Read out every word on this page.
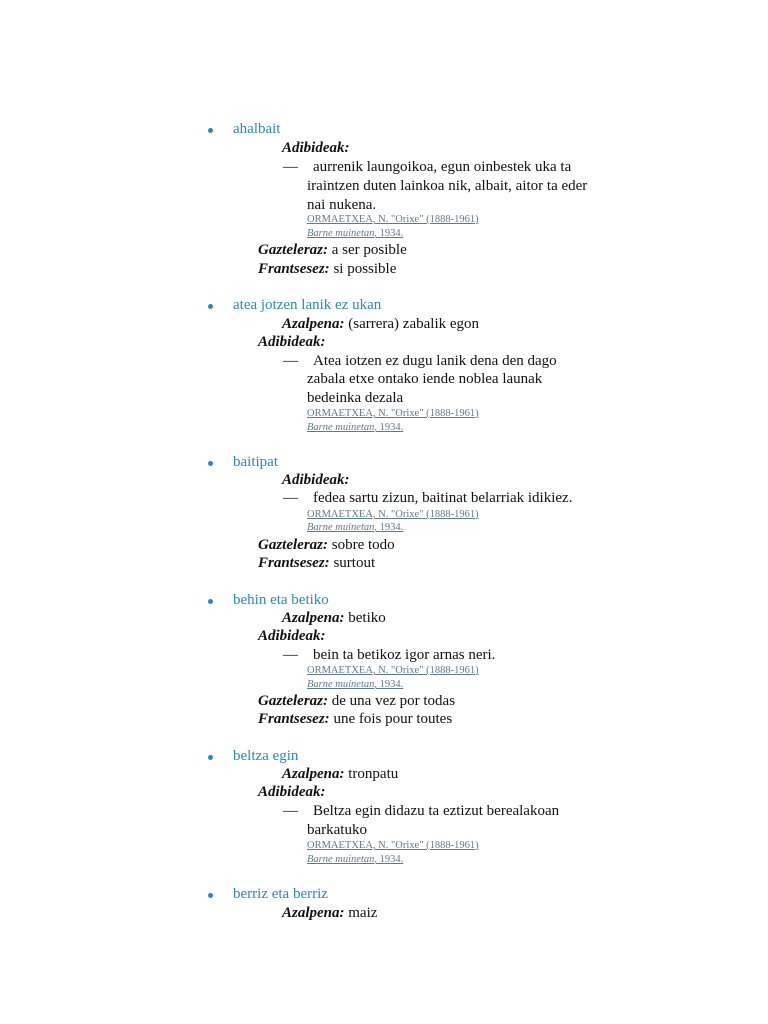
ahalbait
Adibideak:
— aurrenik laungoikoa, egun oinbestek uka ta
iraintzen duten lainkoa nik, albait, aitor ta eder
nai nukena.
ORMAETXEA, N. "Orixe" (1888-1961)
Barne muinetan, 1934.
Gazteleraz: a ser posible
Frantsesez: si possible
atea jotzen lanik ez ukan
Azalpena: (sarrera) zabalik egon
Adibideak:
— Atea iotzen ez dugu lanik dena den dago
zabala etxe ontako iende noblea launak
bedeinka dezala
ORMAETXEA, N. "Orixe" (1888-1961)
Barne muinetan, 1934.
baitipat
Adibideak:
— fedea sartu zizun, baitinat belarriak idikiez.
ORMAETXEA, N. "Orixe" (1888-1961)
Barne muinetan, 1934.
Gazteleraz: sobre todo
Frantsesez: surtout
behin eta betiko
Azalpena: betiko
Adibideak:
— bein ta betikoz igor arnas neri.
ORMAETXEA, N. "Orixe" (1888-1961)
Barne muinetan, 1934.
Gazteleraz: de una vez por todas
Frantsesez: une fois pour toutes
beltza egin
Azalpena: tronpatu
Adibideak:
— Beltza egin didazu ta eztizut berealakoan
barkatuko
ORMAETXEA, N. "Orixe" (1888-1961)
Barne muinetan, 1934.
berriz eta berriz
Azalpena: maiz
